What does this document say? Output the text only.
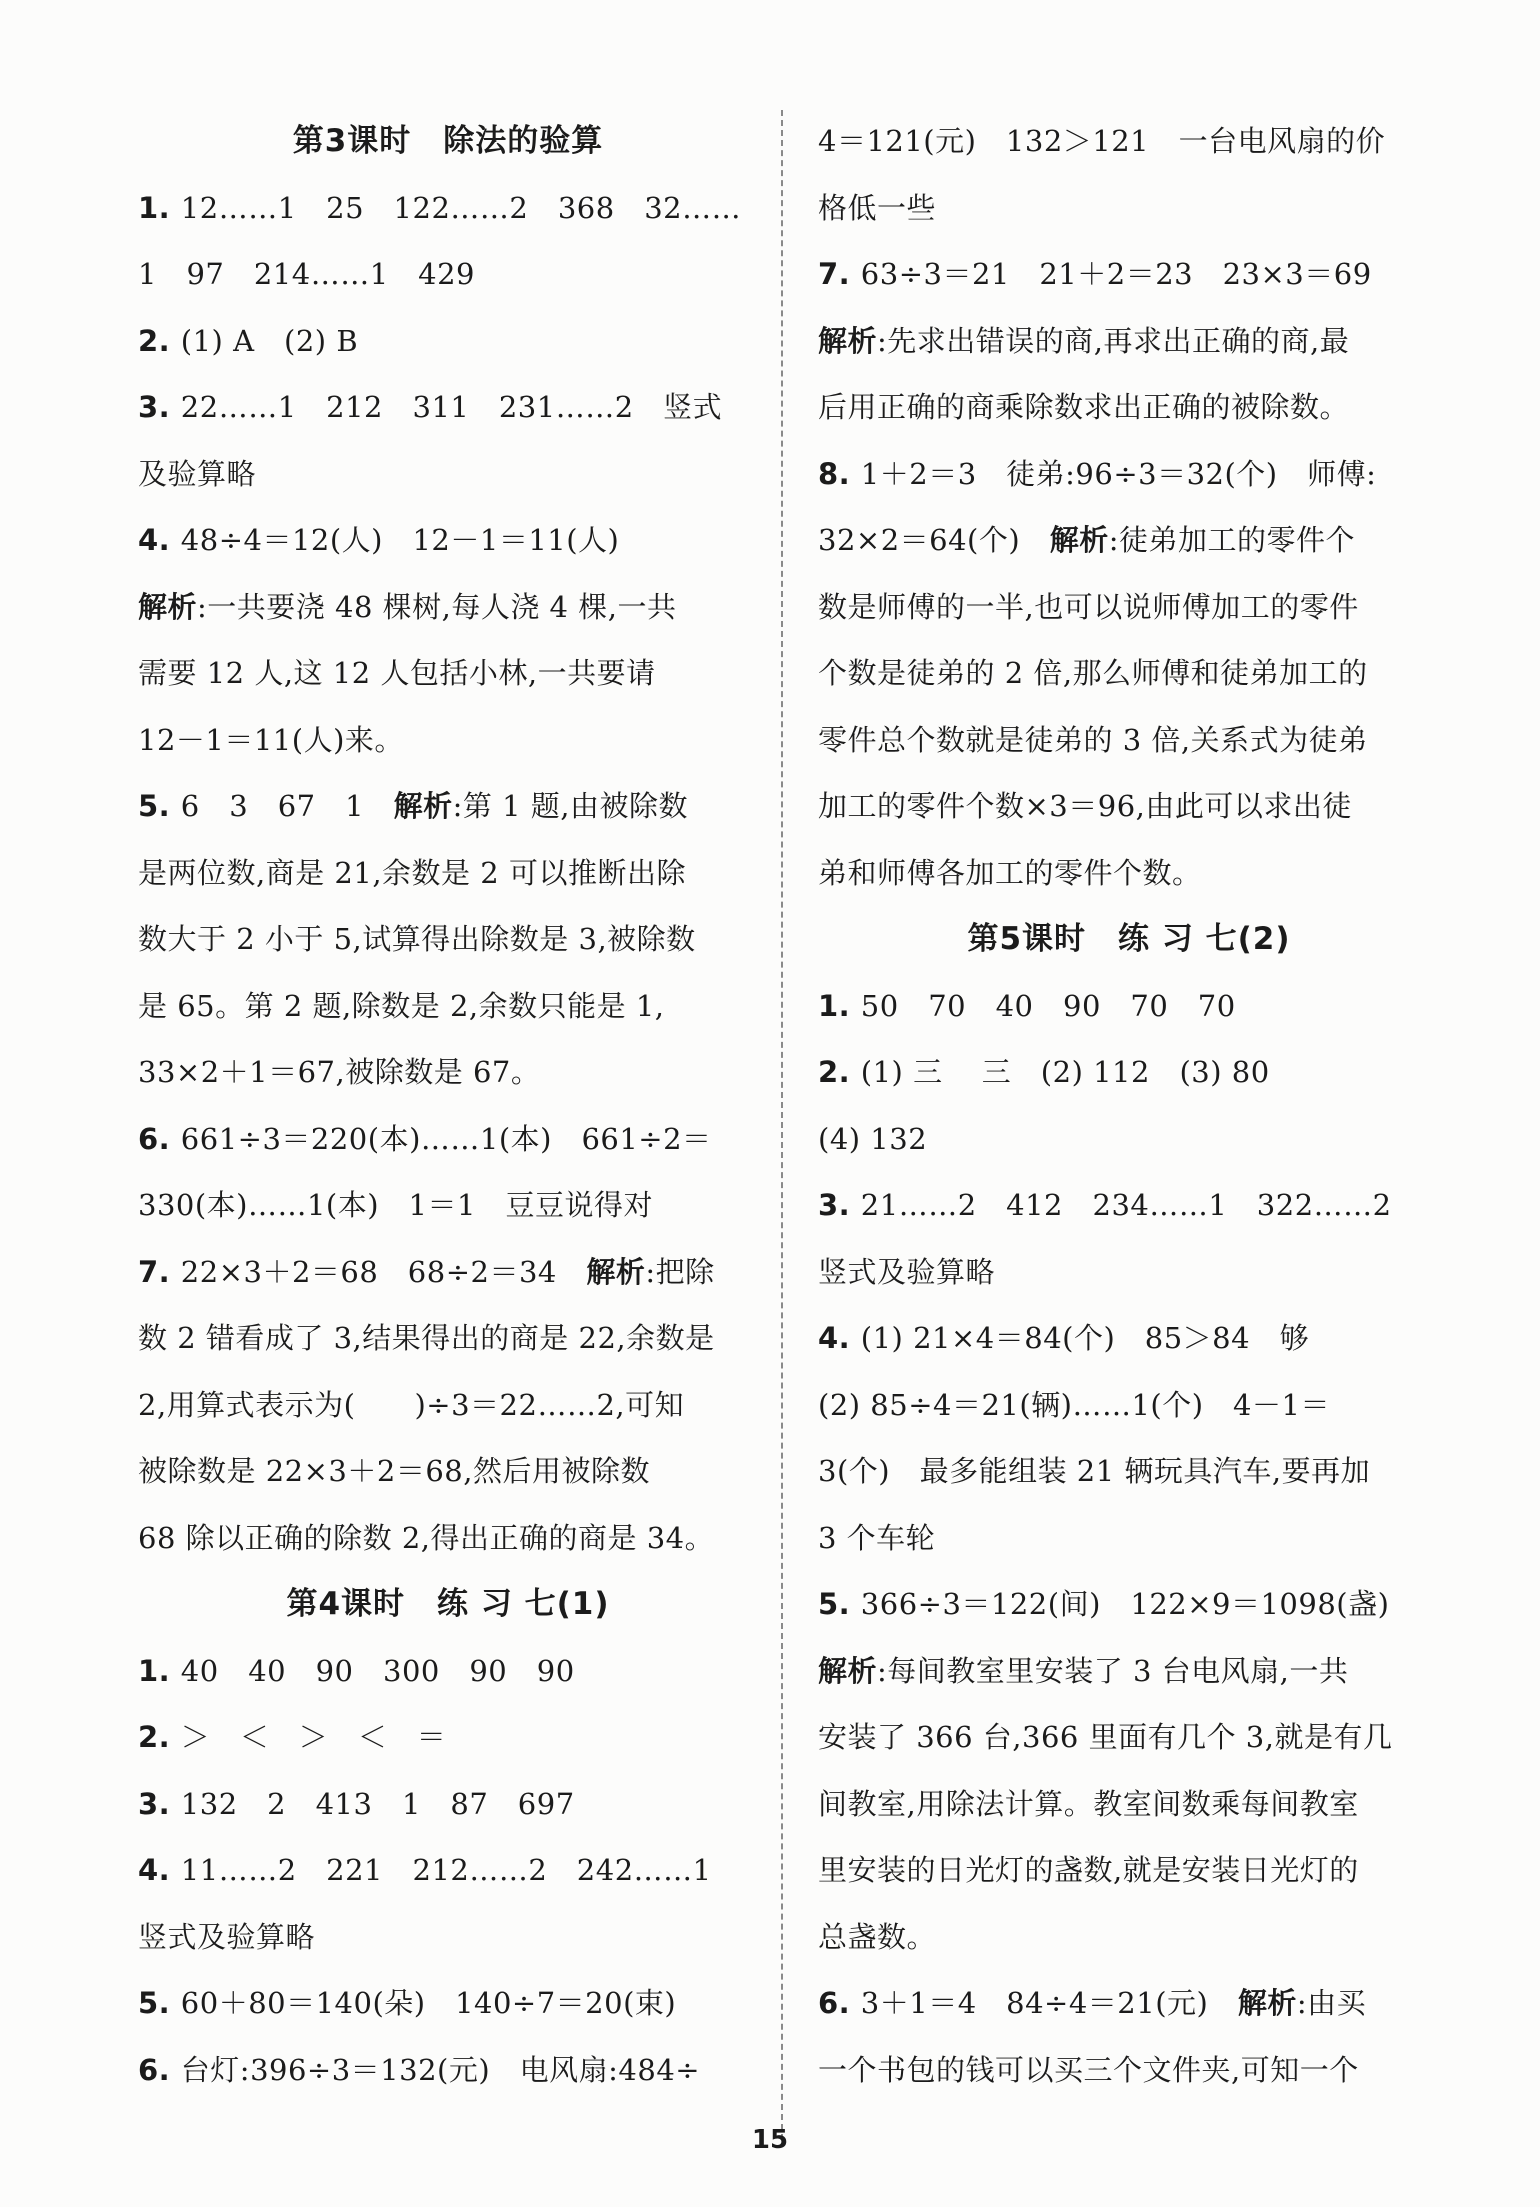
第3课时　除法的验算
1. 12……1　25　122……2　368　32……
1　97　214……1　429
2. (1) A　(2) B
3. 22……1　212　311　231……2　竖式
及验算略
4. 48÷4＝12(人)　12－1＝11(人)
解析:一共要浇 48 棵树,每人浇 4 棵,一共
需要 12 人,这 12 人包括小林,一共要请
12－1＝11(人)来。
5. 6　3　67　1　解析:第 1 题,由被除数
是两位数,商是 21,余数是 2 可以推断出除
数大于 2 小于 5,试算得出除数是 3,被除数
是 65。第 2 题,除数是 2,余数只能是 1,
33×2＋1＝67,被除数是 67。
6. 661÷3＝220(本)……1(本)　661÷2＝
330(本)……1(本)　1＝1　豆豆说得对
7. 22×3＋2＝68　68÷2＝34　解析:把除
数 2 错看成了 3,结果得出的商是 22,余数是
2,用算式表示为(　　)÷3＝22……2,可知
被除数是 22×3＋2＝68,然后用被除数
68 除以正确的除数 2,得出正确的商是 34。
第4课时　练 习 七(1)
1. 40　40　90　300　90　90
2. ＞　＜　＞　＜　＝
3. 132　2　413　1　87　697
4. 11……2　221　212……2　242……1
竖式及验算略
5. 60＋80＝140(朵)　140÷7＝20(束)
6. 台灯:396÷3＝132(元)　电风扇:484÷
4＝121(元)　132＞121　一台电风扇的价
格低一些
7. 63÷3＝21　21＋2＝23　23×3＝69
解析:先求出错误的商,再求出正确的商,最
后用正确的商乘除数求出正确的被除数。
8. 1＋2＝3　徒弟:96÷3＝32(个)　师傅:
32×2＝64(个)　解析:徒弟加工的零件个
数是师傅的一半,也可以说师傅加工的零件
个数是徒弟的 2 倍,那么师傅和徒弟加工的
零件总个数就是徒弟的 3 倍,关系式为徒弟
加工的零件个数×3＝96,由此可以求出徒
弟和师傅各加工的零件个数。
第5课时　练 习 七(2)
1. 50　70　40　90　70　70
2. (1) 三　 三　(2) 112　(3) 80
(4) 132
3. 21……2　412　234……1　322……2
竖式及验算略
4. (1) 21×4＝84(个)　85＞84　够
(2) 85÷4＝21(辆)……1(个)　4－1＝
3(个)　最多能组装 21 辆玩具汽车,要再加
3 个车轮
5. 366÷3＝122(间)　122×9＝1098(盏)
解析:每间教室里安装了 3 台电风扇,一共
安装了 366 台,366 里面有几个 3,就是有几
间教室,用除法计算。教室间数乘每间教室
里安装的日光灯的盏数,就是安装日光灯的
总盏数。
6. 3＋1＝4　84÷4＝21(元)　解析:由买
一个书包的钱可以买三个文件夹,可知一个
15
